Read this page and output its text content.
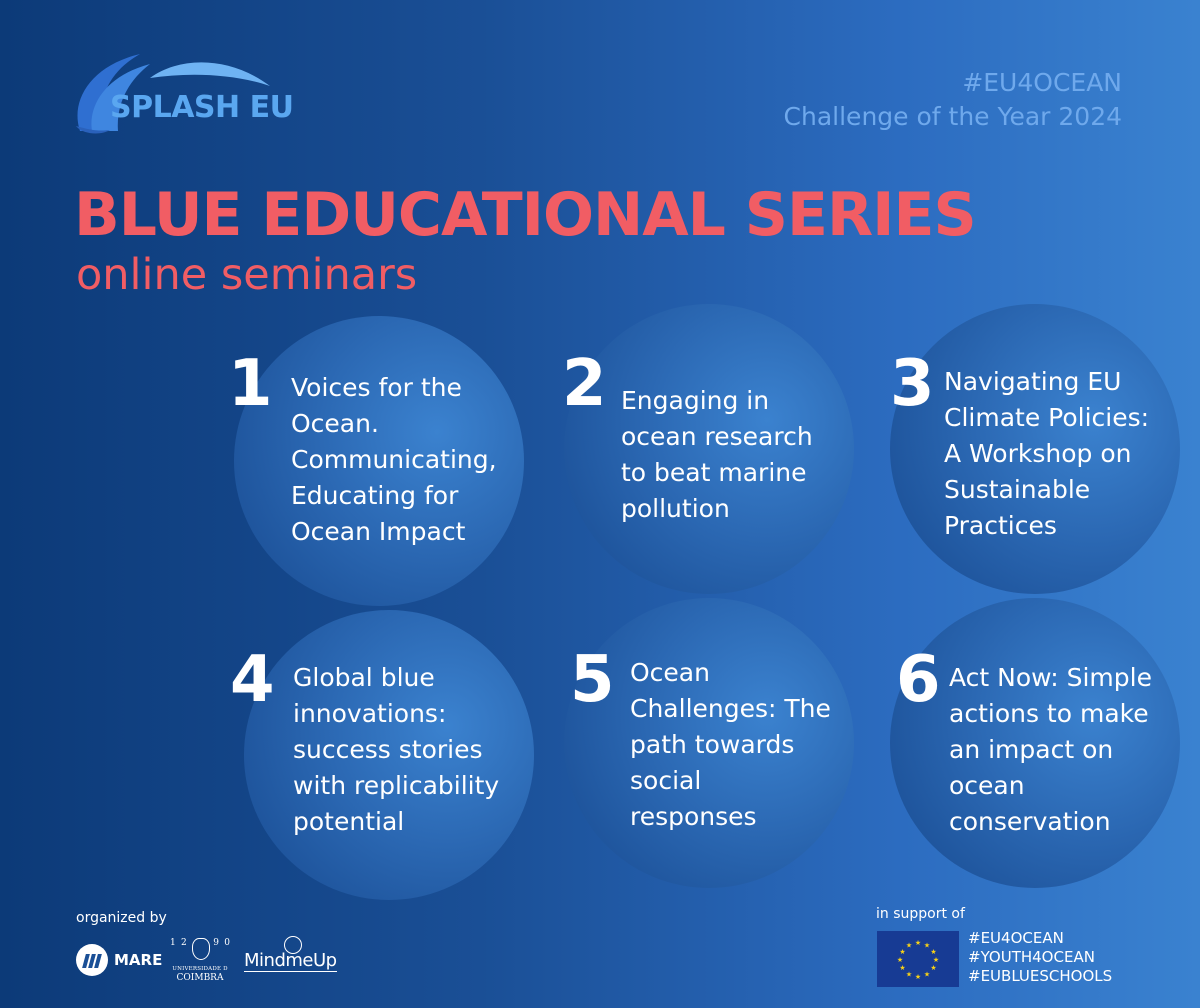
SPLASH EU
#EU4OCEAN
Challenge of the Year 2024
BLUE EDUCATIONAL SERIES
online seminars
1 Voices for the
Ocean.
Communicating,
Educating for
Ocean Impact
2 Engaging in
ocean research
to beat marine
pollution
3 Navigating EU
Climate Policies:
A Workshop on
Sustainable
Practices
4 Global blue
innovations:
success stories
with replicability
potential
5 Ocean
Challenges: The
path towards
social
responses
6 Act Now: Simple
actions to make
an impact on
ocean
conservation
organized by
MARE
1 2	9 0
UNIVERSIDADE D
COIMBRA
MindmeUp
in support of
★ ★
★
★
★
★
★
★
★
★
★
★	#EU4OCEAN
#YOUTH4OCEAN
#EUBLUESCHOOLS
